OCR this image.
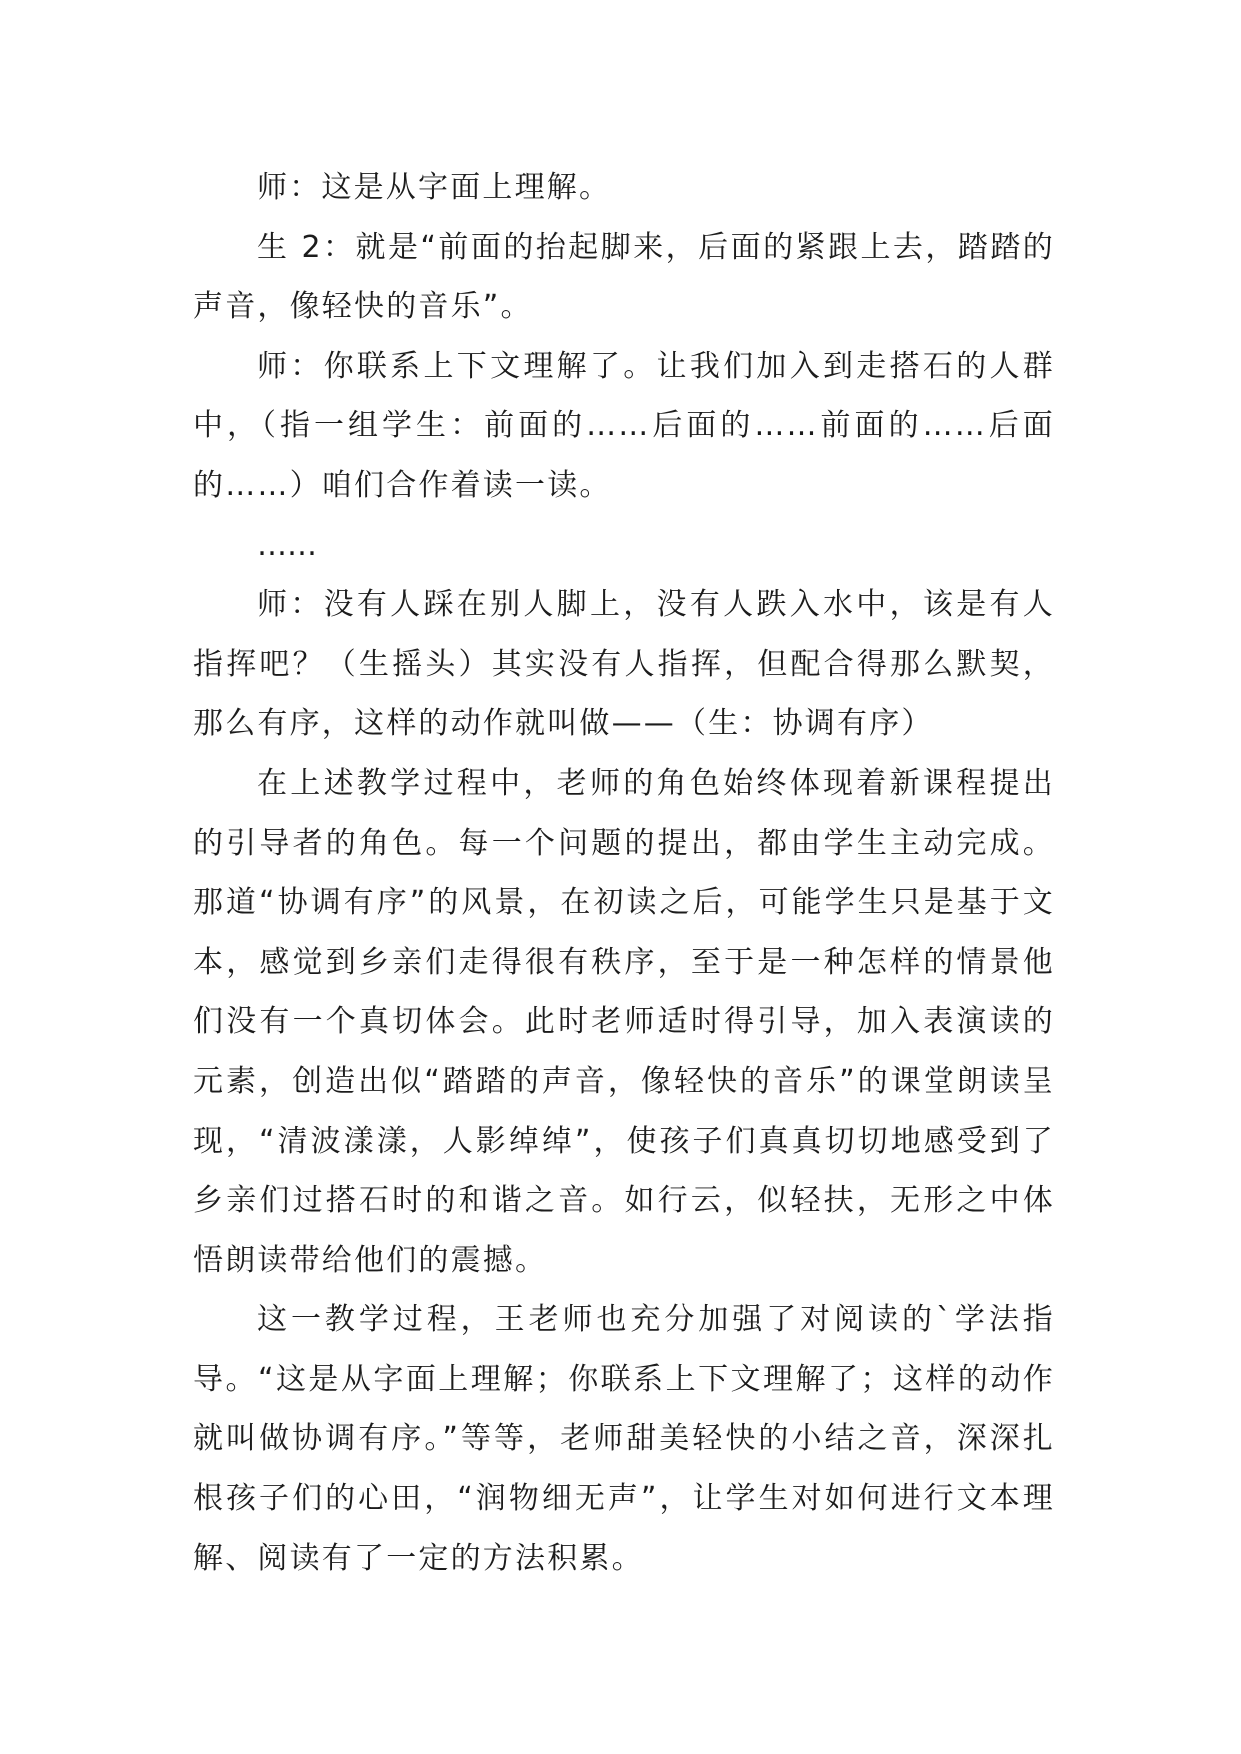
师：这是从字面上理解。

生 2：就是“前面的抬起脚来，后面的紧跟上去，踏踏的声音，像轻快的音乐”。

师：你联系上下文理解了。让我们加入到走搭石的人群中，（指一组学生：前面的……后面的……前面的……后面的……）咱们合作着读一读。

……

师：没有人踩在别人脚上，没有人跌入水中，该是有人指挥吧？（生摇头）其实没有人指挥，但配合得那么默契，那么有序，这样的动作就叫做——（生：协调有序）

在上述教学过程中，老师的角色始终体现着新课程提出的引导者的角色。每一个问题的提出，都由学生主动完成。那道“协调有序”的风景，在初读之后，可能学生只是基于文本，感觉到乡亲们走得很有秩序，至于是一种怎样的情景他们没有一个真切体会。此时老师适时得引导，加入表演读的元素，创造出似“踏踏的声音，像轻快的音乐”的课堂朗读呈现，“清波漾漾，人影绰绰”，使孩子们真真切切地感受到了乡亲们过搭石时的和谐之音。如行云，似轻扶，无形之中体悟朗读带给他们的震撼。

这一教学过程，王老师也充分加强了对阅读的`学法指导。“这是从字面上理解；你联系上下文理解了；这样的动作就叫做协调有序。”等等，老师甜美轻快的小结之音，深深扎根孩子们的心田，“润物细无声”，让学生对如何进行文本理解、阅读有了一定的方法积累。
